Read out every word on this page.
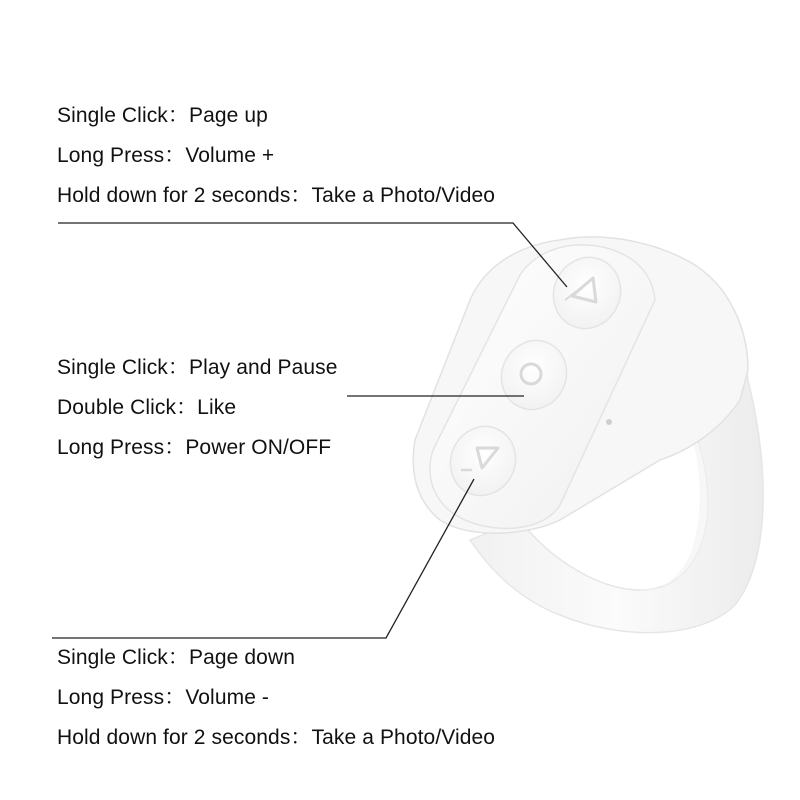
Single Click：Page up
Long Press：Volume +
Hold down for 2 seconds：Take a Photo/Video
Single Click：Play and Pause
Double Click：Like
Long Press：Power ON/OFF
Single Click：Page down
Long Press：Volume -
Hold down for 2 seconds：Take a Photo/Video
